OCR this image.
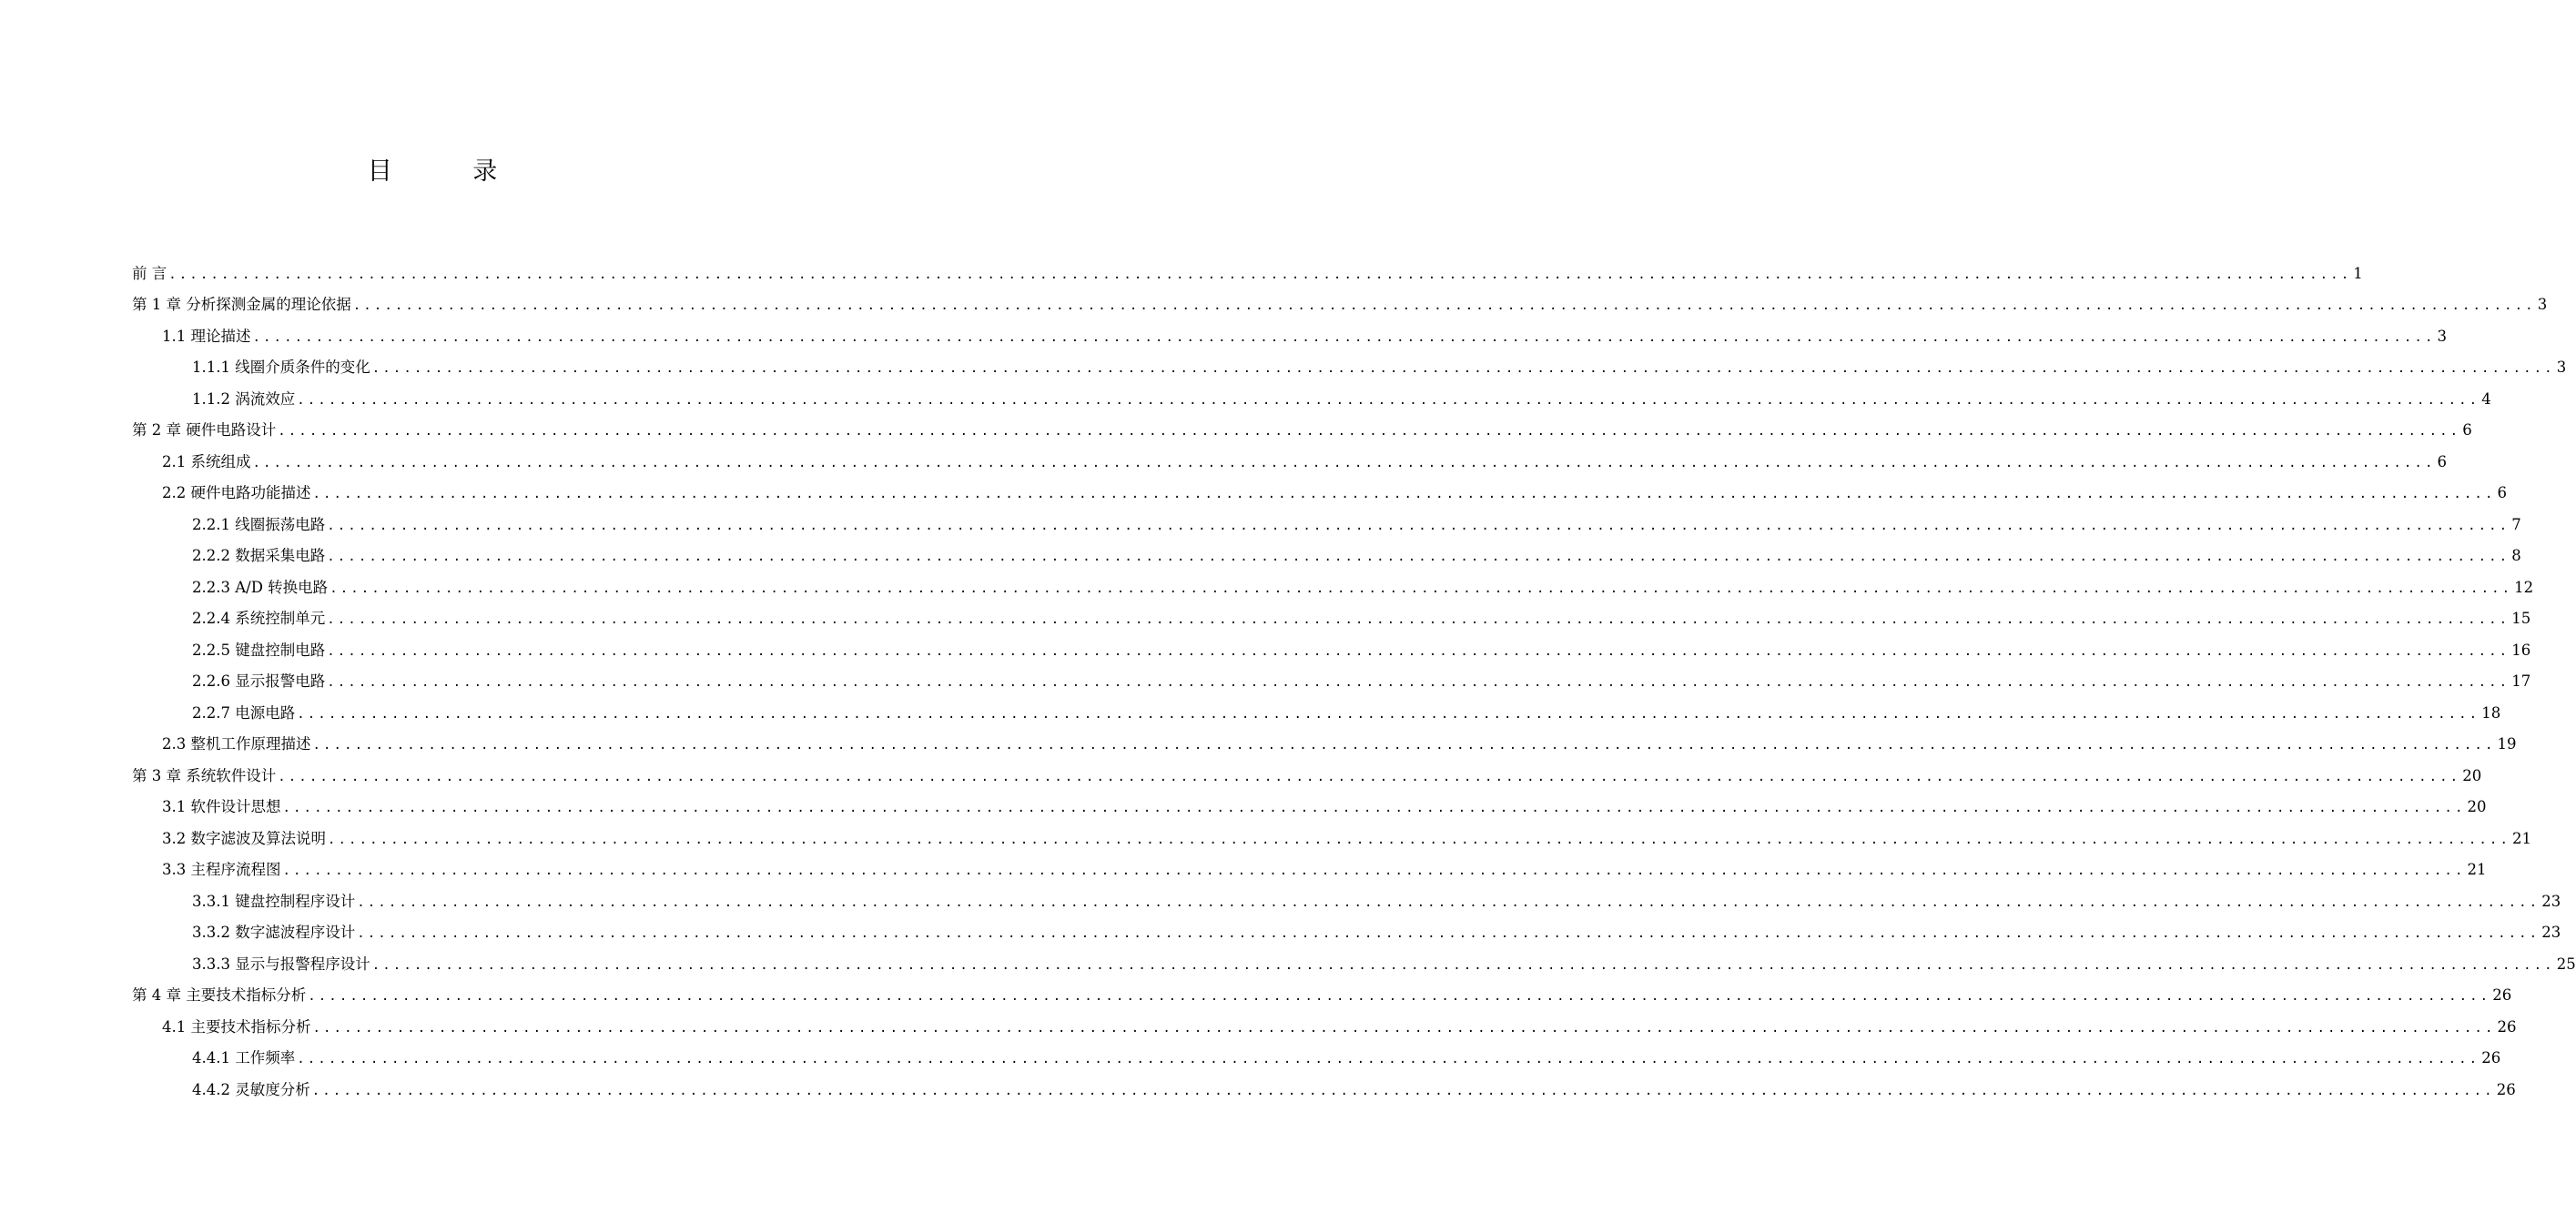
目 录
前 言 ................................................................................................................................................................................................................ 1
第 1 章 分析探测金属的理论依据 ................................................................................................................................................................................................................ 3
1.1 理论描述 ................................................................................................................................................................................................................ 3
1.1.1 线圈介质条件的变化 ................................................................................................................................................................................................................ 3
1.1.2 涡流效应 ................................................................................................................................................................................................................ 4
第 2 章 硬件电路设计 ................................................................................................................................................................................................................ 6
2.1 系统组成 ................................................................................................................................................................................................................ 6
2.2 硬件电路功能描述 ................................................................................................................................................................................................................ 6
2.2.1 线圈振荡电路 ................................................................................................................................................................................................................ 7
2.2.2 数据采集电路 ................................................................................................................................................................................................................ 8
2.2.3 A/D 转换电路 ................................................................................................................................................................................................................ 12
2.2.4 系统控制单元 ................................................................................................................................................................................................................ 15
2.2.5 键盘控制电路 ................................................................................................................................................................................................................ 16
2.2.6 显示报警电路 ................................................................................................................................................................................................................ 17
2.2.7 电源电路 ................................................................................................................................................................................................................ 18
2.3 整机工作原理描述 ................................................................................................................................................................................................................ 19
第 3 章 系统软件设计 ................................................................................................................................................................................................................ 20
3.1 软件设计思想 ................................................................................................................................................................................................................ 20
3.2 数字滤波及算法说明 ................................................................................................................................................................................................................ 21
3.3 主程序流程图 ................................................................................................................................................................................................................ 21
3.3.1 键盘控制程序设计 ................................................................................................................................................................................................................ 23
3.3.2 数字滤波程序设计 ................................................................................................................................................................................................................ 23
3.3.3 显示与报警程序设计 ................................................................................................................................................................................................................ 25
第 4 章 主要技术指标分析 ................................................................................................................................................................................................................ 26
4.1 主要技术指标分析 ................................................................................................................................................................................................................ 26
4.4.1 工作频率 ................................................................................................................................................................................................................ 26
4.4.2 灵敏度分析 ................................................................................................................................................................................................................ 26
